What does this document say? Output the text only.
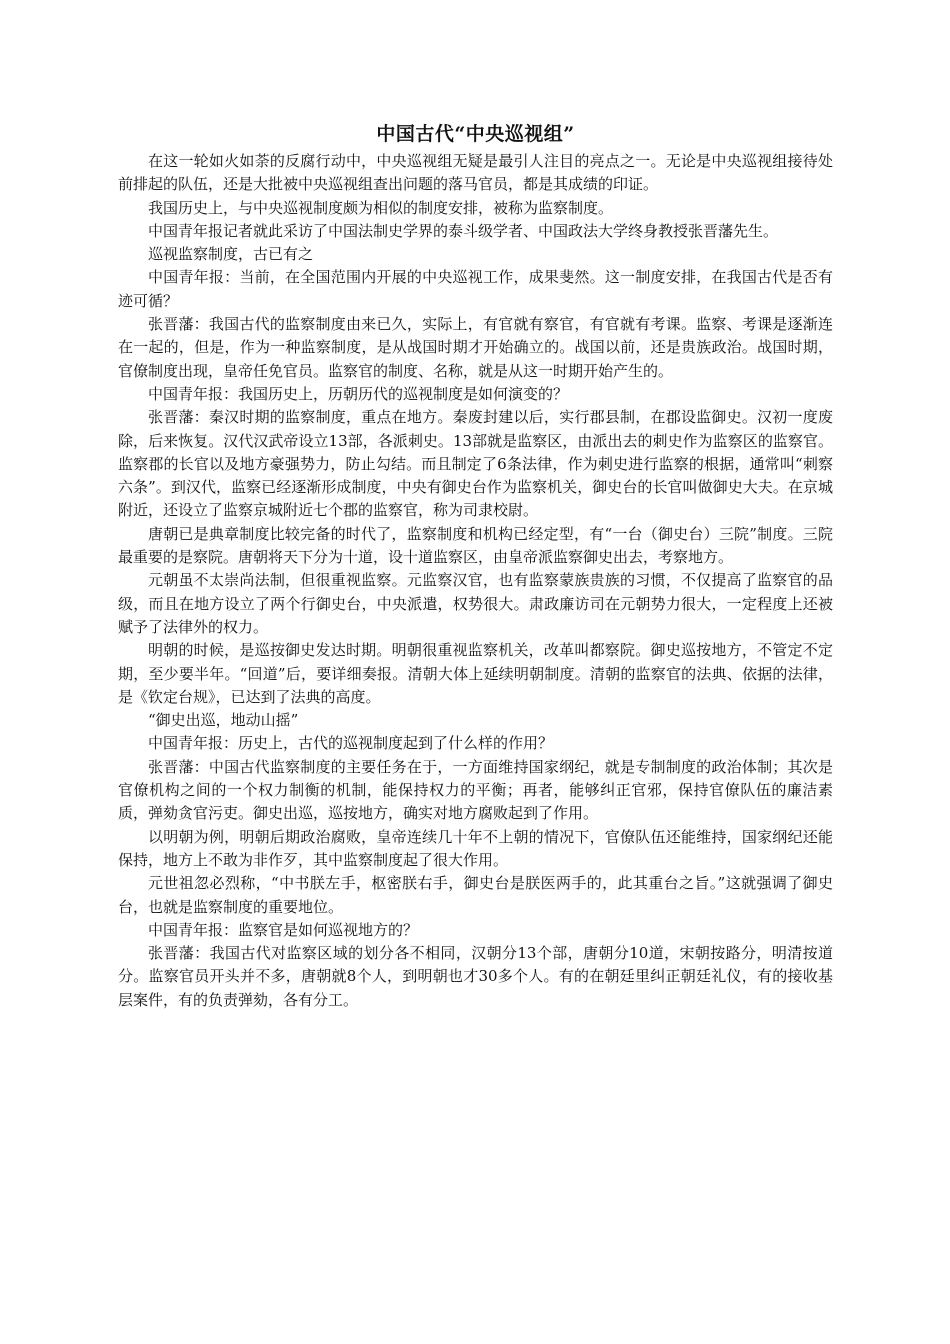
中国古代“中央巡视组”

在这一轮如火如荼的反腐行动中，中央巡视组无疑是最引人注目的亮点之一。无论是中央巡视组接待处前排起的队伍，还是大批被中央巡视组查出问题的落马官员，都是其成绩的印证。

我国历史上，与中央巡视制度颇为相似的制度安排，被称为监察制度。

中国青年报记者就此采访了中国法制史学界的泰斗级学者、中国政法大学终身教授张晋藩先生。

巡视监察制度，古已有之

中国青年报：当前，在全国范围内开展的中央巡视工作，成果斐然。这一制度安排，在我国古代是否有迹可循？

张晋藩：我国古代的监察制度由来已久，实际上，有官就有察官，有官就有考课。监察、考课是逐渐连在一起的，但是，作为一种监察制度，是从战国时期才开始确立的。战国以前，还是贵族政治。战国时期，官僚制度出现，皇帝任免官员。监察官的制度、名称，就是从这一时期开始产生的。

中国青年报：我国历史上，历朝历代的巡视制度是如何演变的？

张晋藩：秦汉时期的监察制度，重点在地方。秦废封建以后，实行郡县制，在郡设监御史。汉初一度废除，后来恢复。汉代汉武帝设立13部，各派刺史。13部就是监察区，由派出去的刺史作为监察区的监察官。监察郡的长官以及地方豪强势力，防止勾结。而且制定了6条法律，作为刺史进行监察的根据，通常叫“刺察六条”。到汉代，监察已经逐渐形成制度，中央有御史台作为监察机关，御史台的长官叫做御史大夫。在京城附近，还设立了监察京城附近七个郡的监察官，称为司隶校尉。

唐朝已是典章制度比较完备的时代了，监察制度和机构已经定型，有“一台（御史台）三院”制度。三院最重要的是察院。唐朝将天下分为十道，设十道监察区，由皇帝派监察御史出去，考察地方。

元朝虽不太崇尚法制，但很重视监察。元监察汉官，也有监察蒙族贵族的习惯，不仅提高了监察官的品级，而且在地方设立了两个行御史台，中央派遣，权势很大。肃政廉访司在元朝势力很大，一定程度上还被赋予了法律外的权力。

明朝的时候，是巡按御史发达时期。明朝很重视监察机关，改革叫都察院。御史巡按地方，不管定不定期，至少要半年。“回道”后，要详细奏报。清朝大体上延续明朝制度。清朝的监察官的法典、依据的法律，是《钦定台规》，已达到了法典的高度。

“御史出巡，地动山摇”

中国青年报：历史上，古代的巡视制度起到了什么样的作用？

张晋藩：中国古代监察制度的主要任务在于，一方面维持国家纲纪，就是专制制度的政治体制；其次是官僚机构之间的一个权力制衡的机制，能保持权力的平衡；再者，能够纠正官邪，保持官僚队伍的廉洁素质，弹劾贪官污吏。御史出巡，巡按地方，确实对地方腐败起到了作用。

以明朝为例，明朝后期政治腐败，皇帝连续几十年不上朝的情况下，官僚队伍还能维持，国家纲纪还能保持，地方上不敢为非作歹，其中监察制度起了很大作用。

元世祖忽必烈称，“中书朕左手，枢密朕右手，御史台是朕医两手的，此其重台之旨。”这就强调了御史台，也就是监察制度的重要地位。

中国青年报：监察官是如何巡视地方的？

张晋藩：我国古代对监察区域的划分各不相同，汉朝分13个部，唐朝分10道，宋朝按路分，明清按道分。监察官员开头并不多，唐朝就8个人，到明朝也才30多个人。有的在朝廷里纠正朝廷礼仪，有的接收基层案件，有的负责弹劾，各有分工。
